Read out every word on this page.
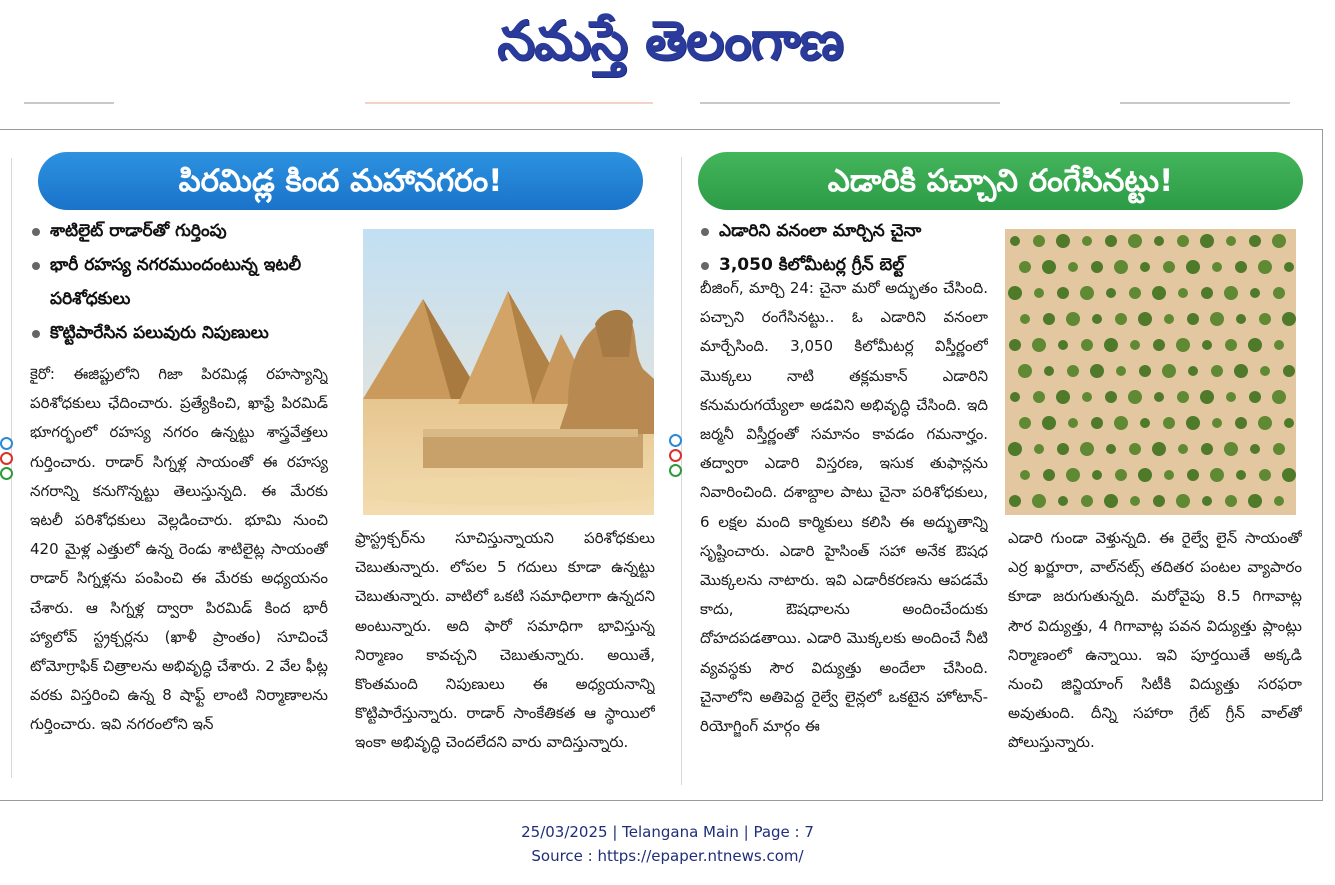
నమస్తే తెలంగాణ
పిరమిడ్ల కింద మహానగరం!
శాటిలైట్ రాడార్‌తో గుర్తింపు
భారీ రహస్య నగరముందంటున్న ఇటలీ పరిశోధకులు
కొట్టిపారేసిన పలువురు నిపుణులు

కైరో: ఈజిప్టులోని గిజా పిరమిడ్ల రహస్యాన్ని పరిశోధకులు ఛేదించారు. ప్రత్యేకించి, ఖాఫ్రే పిరమిడ్ భూగర్భంలో రహస్య నగరం ఉన్నట్టు శాస్త్రవేత్తలు గుర్తించారు. రాడార్ సిగ్నళ్ల సాయంతో ఈ రహస్య నగరాన్ని కనుగొన్నట్టు తెలుస్తున్నది. ఈ మేరకు ఇటలీ పరిశోధకులు వెల్లడించారు. భూమి నుంచి 420 మైళ్ల ఎత్తులో ఉన్న రెండు శాటిలైట్ల సాయంతో రాడార్ సిగ్నళ్లను పంపించి ఈ మేరకు అధ్యయనం చేశారు. ఆ సిగ్నళ్ల ద్వారా పిరమిడ్ కింద భారీ హ్యాలోవ్ స్ట్రక్చర్లను (ఖాళీ ప్రాంతం) సూచించే టోమోగ్రాఫిక్ చిత్రాలను అభివృద్ధి చేశారు. 2 వేల ఫీట్ల వరకు విస్తరించి ఉన్న 8 షాఫ్ట్ లాంటి నిర్మాణాలను గుర్తించారు. ఇవి నగరంలోని ఇన్

ఫ్రాస్ట్రక్చర్‌ను సూచిస్తున్నాయని పరిశోధకులు చెబుతున్నారు. లోపల 5 గదులు కూడా ఉన్నట్టు చెబుతున్నారు. వాటిలో ఒకటి సమాధిలాగా ఉన్నదని అంటున్నారు. అది ఫారో సమాధిగా భావిస్తున్న నిర్మాణం కావచ్చని చెబుతున్నారు. అయితే, కొంతమంది నిపుణులు ఈ అధ్యయనాన్ని కొట్టిపారేస్తున్నారు. రాడార్ సాంకేతికత ఆ స్థాయిలో ఇంకా అభివృద్ధి చెందలేదని వారు వాదిస్తున్నారు.

ఎడారికి పచ్చాని రంగేసినట్టు!
ఎడారిని వనంలా మార్చిన చైనా
3,050 కిలోమీటర్ల గ్రీన్ బెల్ట్

బీజింగ్, మార్చి 24: చైనా మరో అద్భుతం చేసింది. పచ్చాని రంగేసినట్టు.. ఓ ఎడారిని వనంలా మార్చేసింది. 3,050 కిలోమీటర్ల విస్తీర్ణంలో మొక్కలు నాటి తక్లమకాన్ ఎడారిని కనుమరుగయ్యేలా అడవిని అభివృద్ధి చేసింది. ఇది జర్మనీ విస్తీర్ణంతో సమానం కావడం గమనార్హం. తద్వారా ఎడారి విస్తరణ, ఇసుక తుఫాన్లను నివారించింది. దశాబ్దాల పాటు చైనా పరిశోధకులు, 6 లక్షల మంది కార్మికులు కలిసి ఈ అద్భుతాన్ని సృష్టించారు. ఎడారి హైసింత్ సహా అనేక ఔషధ మొక్కలను నాటారు. ఇవి ఎడారీకరణను ఆపడమే కాదు, ఔషధాలను అందించేందుకు దోహదపడతాయి. ఎడారి మొక్కలకు అందించే నీటి వ్యవస్థకు సౌర విద్యుత్తు అందేలా చేసింది. చైనాలోని అతిపెద్ద రైల్వే లైన్లలో ఒకటైన హోటాన్-రియోగ్జింగ్ మార్గం ఈ

ఎడారి గుండా వెళ్తున్నది. ఈ రైల్వే లైన్ సాయంతో ఎర్ర ఖర్జూరా, వాల్‌నట్స్ తదితర పంటల వ్యాపారం కూడా జరుగుతున్నది. మరోవైపు 8.5 గిగావాట్ల సౌర విద్యుత్తు, 4 గిగావాట్ల పవన విద్యుత్తు ప్లాంట్లు నిర్మాణంలో ఉన్నాయి. ఇవి పూర్తయితే అక్కడి నుంచి జిన్జియాంగ్ సిటీకి విద్యుత్తు సరఫరా అవుతుంది. దీన్ని సహారా గ్రేట్ గ్రీన్ వాల్‌తో పోలుస్తున్నారు.

25/03/2025 | Telangana Main | Page : 7
Source : https://epaper.ntnews.com/
